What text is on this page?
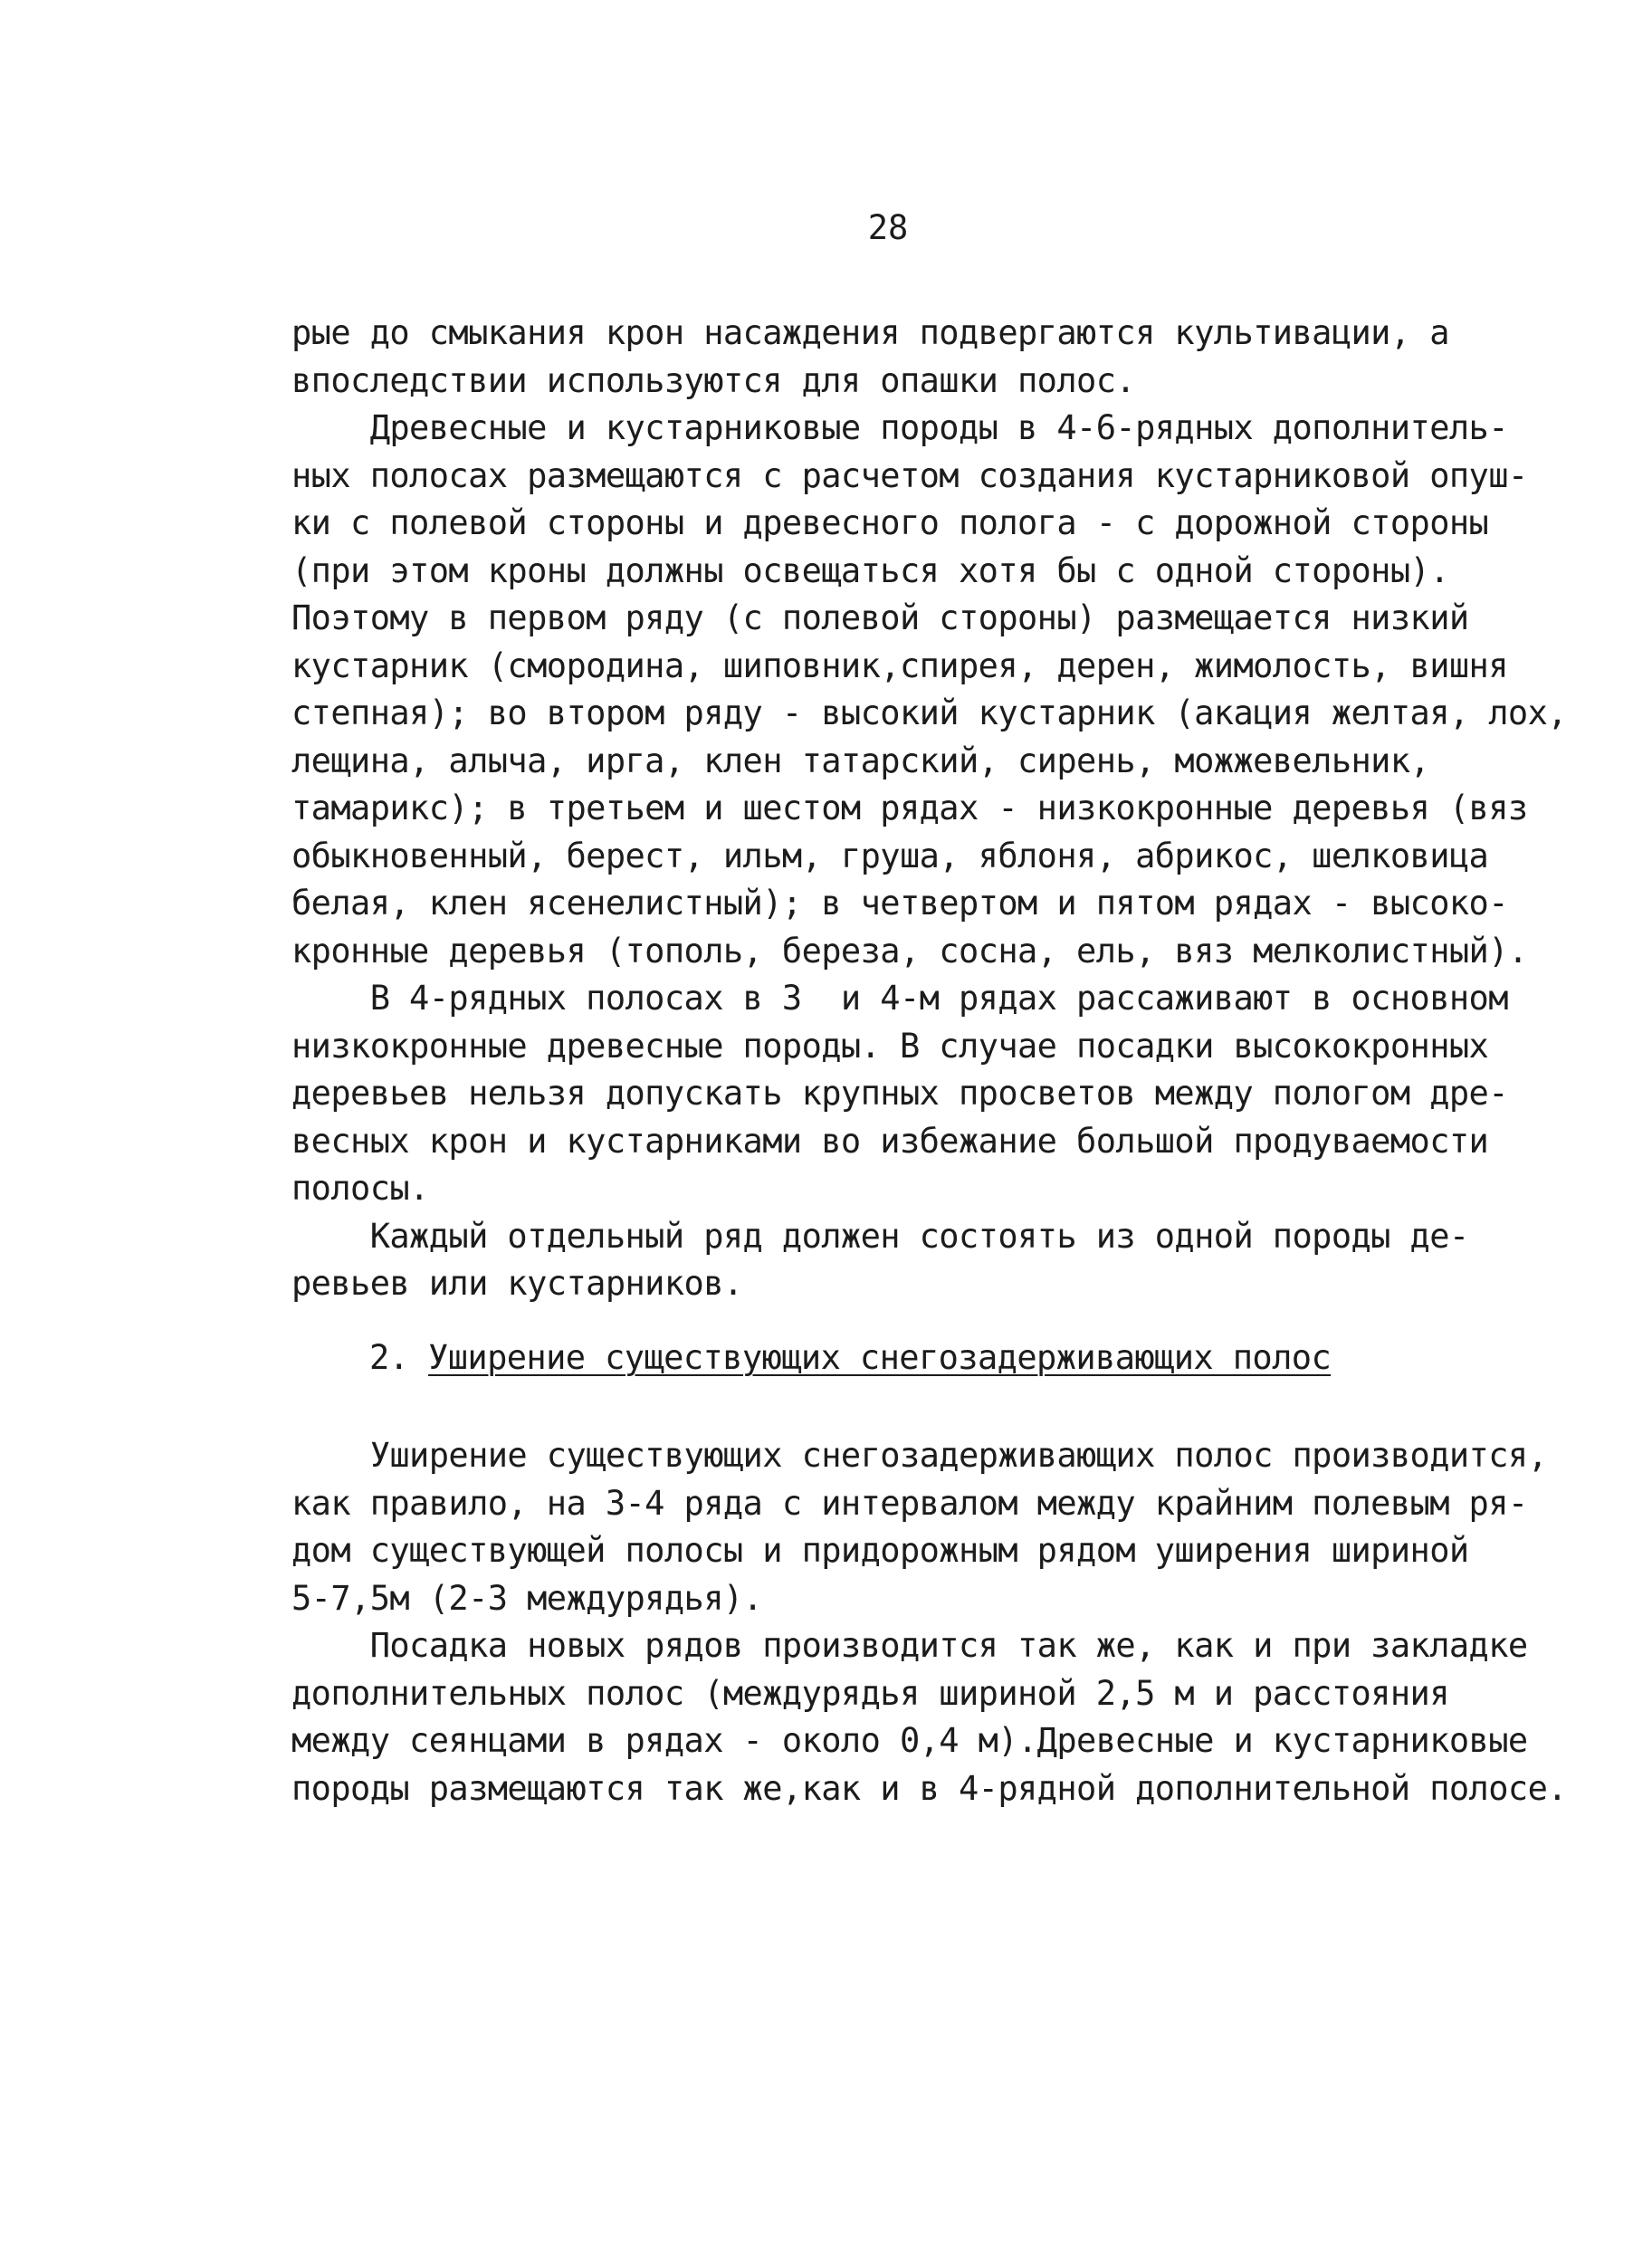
28
рые до смыкания крон насаждения подвергаются культивации, а
впоследствии используются для опашки полос.
Древесные и кустарниковые породы в 4-6-рядных дополнитель-
ных полосах размещаются с расчетом создания кустарниковой опуш-
ки с полевой стороны и древесного полога - с дорожной стороны
(при этом кроны должны освещаться хотя бы с одной стороны).
Поэтому в первом ряду (с полевой стороны) размещается низкий
кустарник (смородина, шиповник,спирея, дерен, жимолость, вишня
степная); во втором ряду - высокий кустарник (акация желтая, лох,
лещина, алыча, ирга, клен татарский, сирень, можжевельник,
тамарикс); в третьем и шестом рядах - низкокронные деревья (вяз
обыкновенный, берест, ильм, груша, яблоня, абрикос, шелковица
белая, клен ясенелистный); в четвертом и пятом рядах - высоко-
кронные деревья (тополь, береза, сосна, ель, вяз мелколистный).
В 4-рядных полосах в 3  и 4-м рядах рассаживают в основном
низкокронные древесные породы. В случае посадки высококронных
деревьев нельзя допускать крупных просветов между пологом дре-
весных крон и кустарниками во избежание большой продуваемости
полосы.
Каждый отдельный ряд должен состоять из одной породы де-
ревьев или кустарников.
2. Уширение существующих снегозадерживающих полос
Уширение существующих снегозадерживающих полос производится,
как правило, на 3-4 ряда с интервалом между крайним полевым ря-
дом существующей полосы и придорожным рядом уширения шириной
5-7,5м (2-3 междурядья).
Посадка новых рядов производится так же, как и при закладке
дополнительных полос (междурядья шириной 2,5 м и расстояния
между сеянцами в рядах - около 0,4 м).Древесные и кустарниковые
породы размещаются так же,как и в 4-рядной дополнительной полосе.
